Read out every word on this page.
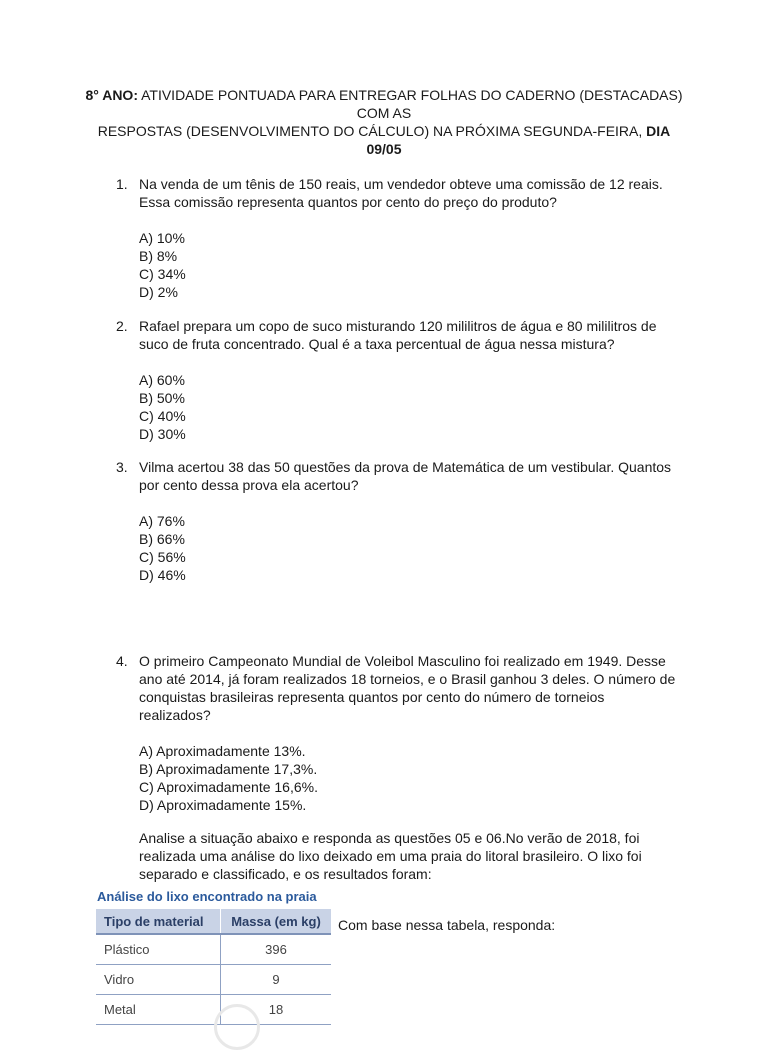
8° ANO: ATIVIDADE PONTUADA PARA ENTREGAR FOLHAS DO CADERNO (DESTACADAS) COM AS
RESPOSTAS (DESENVOLVIMENTO DO CÁLCULO) NA PRÓXIMA SEGUNDA-FEIRA, DIA 09/05
1. Na venda de um tênis de 150 reais, um vendedor obteve uma comissão de 12 reais. Essa comissão representa quantos por cento do preço do produto?
A) 10%
B) 8%
C) 34%
D) 2%
2. Rafael prepara um copo de suco misturando 120 mililitros de água e 80 mililitros de suco de fruta concentrado. Qual é a taxa percentual de água nessa mistura?
A) 60%
B) 50%
C) 40%
D) 30%
3. Vilma acertou 38 das 50 questões da prova de Matemática de um vestibular. Quantos por cento dessa prova ela acertou?
A) 76%
B) 66%
C) 56%
D) 46%
4. O primeiro Campeonato Mundial de Voleibol Masculino foi realizado em 1949. Desse ano até 2014, já foram realizados 18 torneios, e o Brasil ganhou 3 deles. O número de conquistas brasileiras representa quantos por cento do número de torneios realizados?
A) Aproximadamente 13%.
B) Aproximadamente 17,3%.
C) Aproximadamente 16,6%.
D) Aproximadamente 15%.
Analise a situação abaixo e responda as questões 05 e 06.No verão de 2018, foi realizada uma análise do lixo deixado em uma praia do litoral brasileiro. O lixo foi separado e classificado, e os resultados foram:
Análise do lixo encontrado na praia
Tipo de material	Massa (em kg)
Plástico	396
Vidro	9
Metal	18
Com base nessa tabela, responda:
